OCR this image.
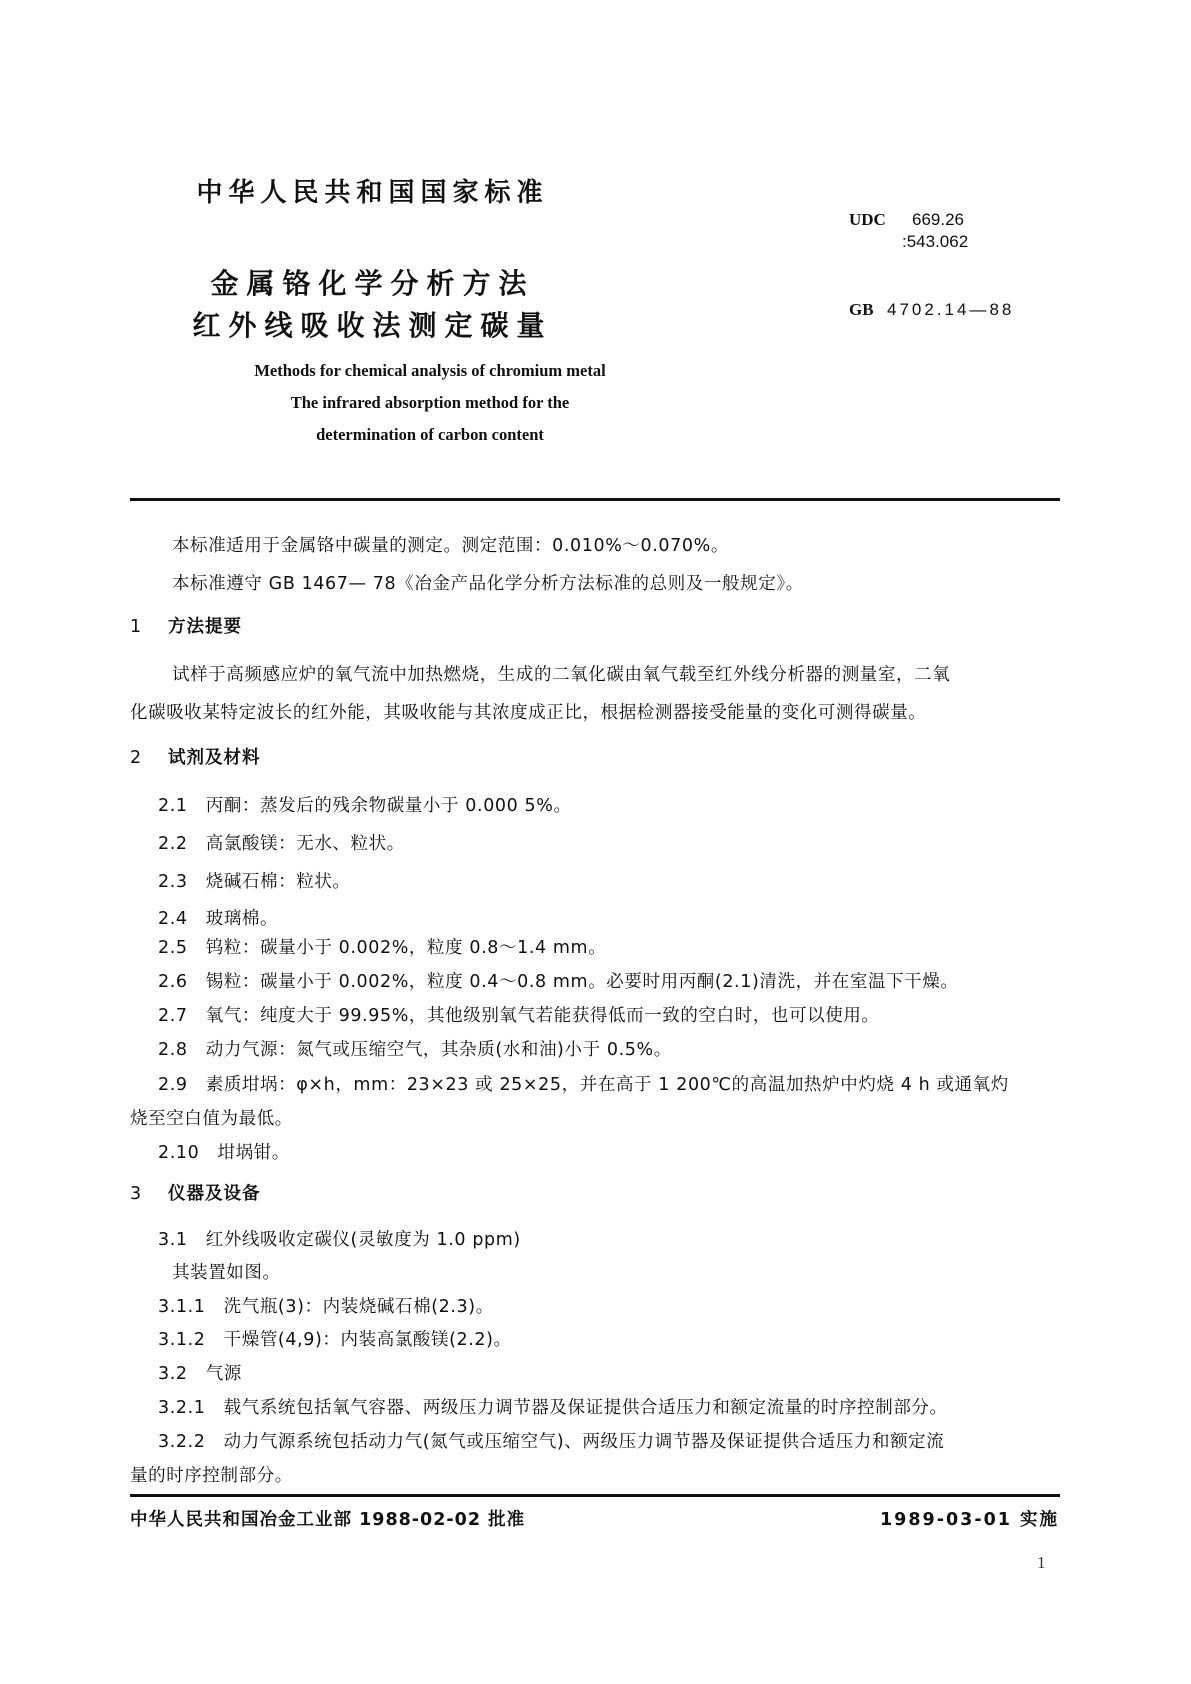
中华人民共和国国家标准
金属铬化学分析方法
红外线吸收法测定碳量
UDC 669.26
:543.062
GB 4702.14—88
Methods for chemical analysis of chromium metal
The infrared absorption method for the
determination of carbon content
本标准适用于金属铬中碳量的测定。测定范围：0.010%～0.070%。
本标准遵守 GB 1467— 78《冶金产品化学分析方法标准的总则及一般规定》。
1 方法提要
试样于高频感应炉的氧气流中加热燃烧，生成的二氧化碳由氧气载至红外线分析器的测量室，二氧
化碳吸收某特定波长的红外能，其吸收能与其浓度成正比，根据检测器接受能量的变化可测得碳量。
2 试剂及材料
2.1　丙酮：蒸发后的残余物碳量小于 0.000 5%。
2.2　高氯酸镁：无水、粒状。
2.3　烧碱石棉：粒状。
2.4　玻璃棉。
2.5　钨粒：碳量小于 0.002%，粒度 0.8～1.4 mm。
2.6　锡粒：碳量小于 0.002%，粒度 0.4～0.8 mm。必要时用丙酮(2.1)清洗，并在室温下干燥。
2.7　氧气：纯度大于 99.95%，其他级别氧气若能获得低而一致的空白时，也可以使用。
2.8　动力气源：氮气或压缩空气，其杂质(水和油)小于 0.5%。
2.9　素质坩埚：φ×h，mm：23×23 或 25×25，并在高于 1 200℃的高温加热炉中灼烧 4 h 或通氧灼
烧至空白值为最低。
2.10　坩埚钳。
3 仪器及设备
3.1　红外线吸收定碳仪(灵敏度为 1.0 ppm)
其装置如图。
3.1.1　洗气瓶(3)：内装烧碱石棉(2.3)。
3.1.2　干燥管(4,9)：内装高氯酸镁(2.2)。
3.2　气源
3.2.1　载气系统包括氧气容器、两级压力调节器及保证提供合适压力和额定流量的时序控制部分。
3.2.2　动力气源系统包括动力气(氮气或压缩空气)、两级压力调节器及保证提供合适压力和额定流
量的时序控制部分。
中华人民共和国冶金工业部 1988-02-02 批准	1989-03-01 实施
1
